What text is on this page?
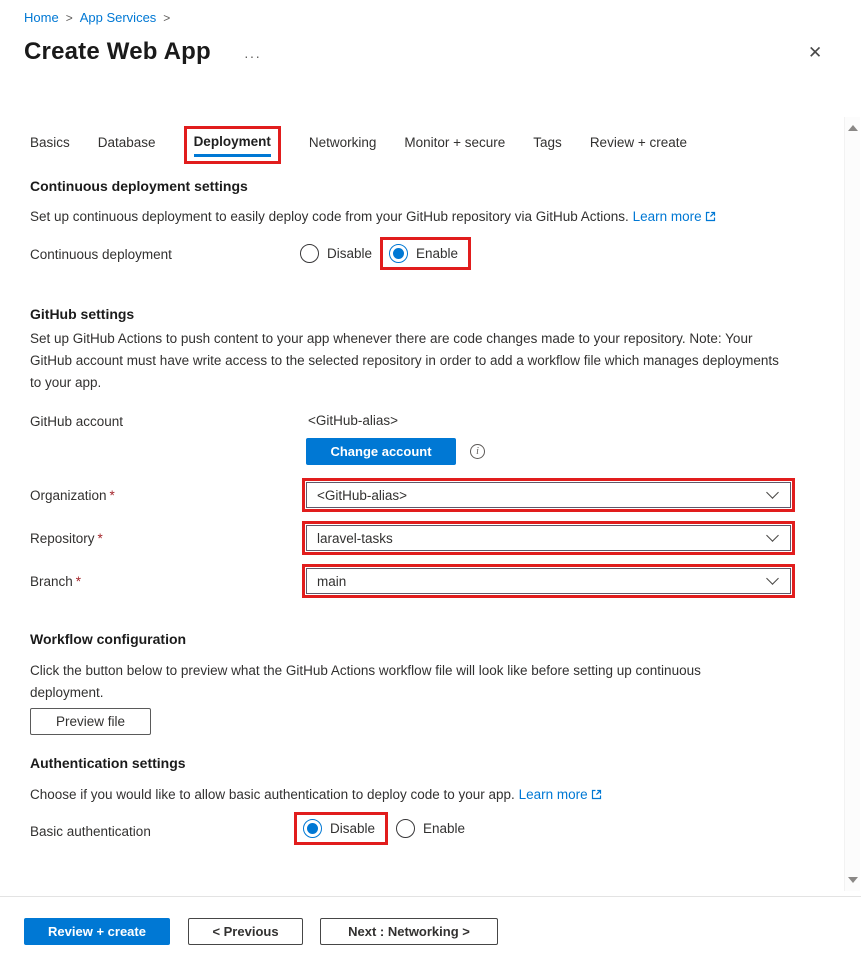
Home > App Services >
Create Web App ···	✕
Basics Database	Deployment	Networking Monitor + secure Tags Review + create
Continuous deployment settings
Set up continuous deployment to easily deploy code from your GitHub repository via GitHub Actions. Learn more
Continuous deployment	Disable	Enable
GitHub settings
Set up GitHub Actions to push content to your app whenever there are code changes made to your repository. Note: Your GitHub account must have write access to the selected repository in order to add a workflow file which manages deployments to your app.
GitHub account	<GitHub-alias>
Change account	i
Organization *	<GitHub-alias>
Repository *	laravel-tasks
Branch *	main
Workflow configuration
Click the button below to preview what the GitHub Actions workflow file will look like before setting up continuous deployment.
Preview file
Authentication settings
Choose if you would like to allow basic authentication to deploy code to your app. Learn more
Basic authentication	Disable	Enable
Review + create	< Previous	Next : Networking >
